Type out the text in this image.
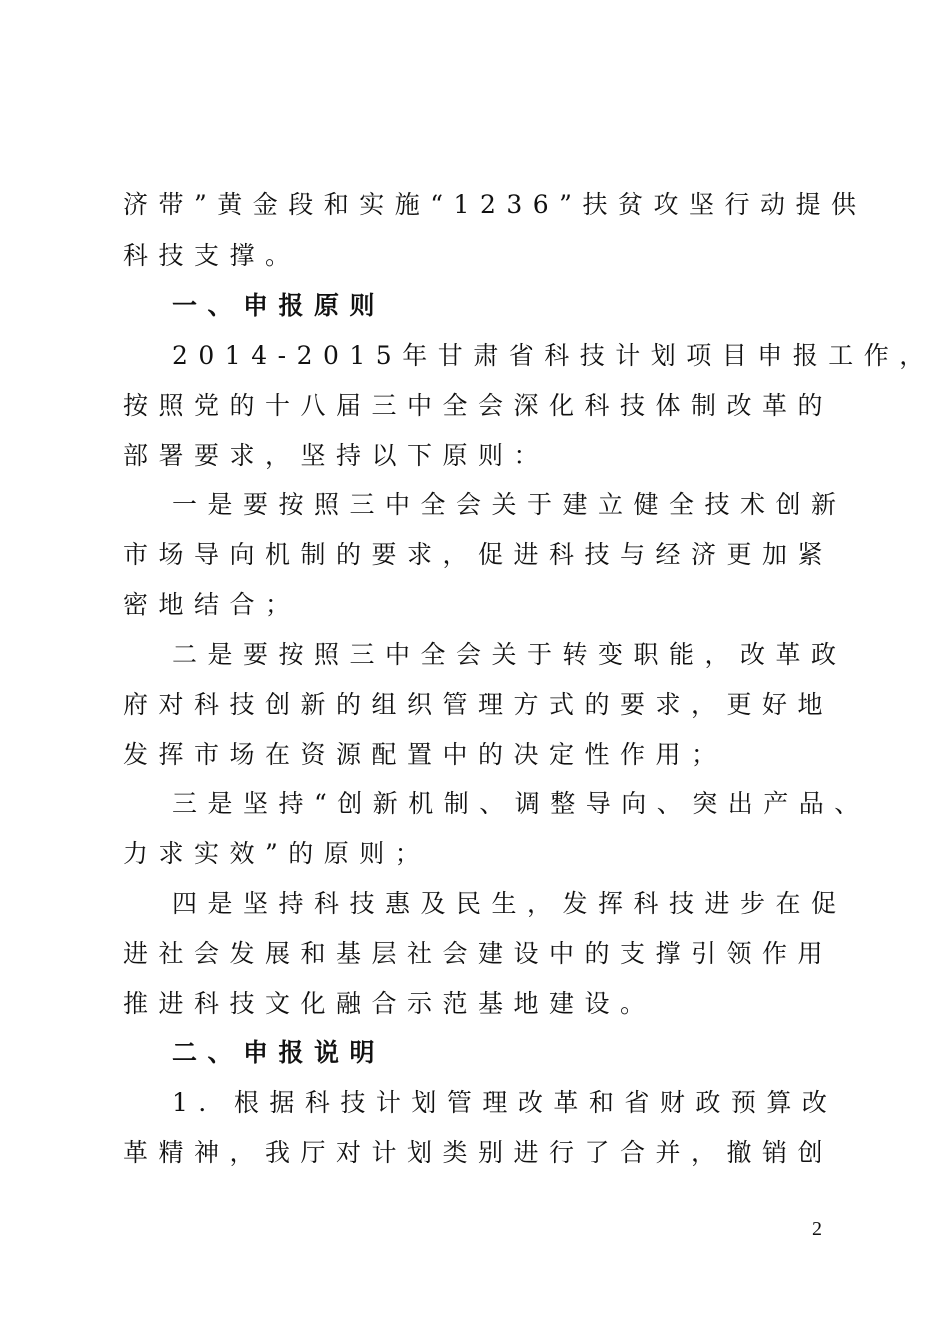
济带”黄金段和实施“1236”扶贫攻坚行动提供
科技支撑。
一、申报原则
2014-2015年甘肃省科技计划项目申报工作，
按照党的十八届三中全会深化科技体制改革的
部署要求，坚持以下原则：
一是要按照三中全会关于建立健全技术创新
市场导向机制的要求，促进科技与经济更加紧
密地结合；
二是要按照三中全会关于转变职能，改革政
府对科技创新的组织管理方式的要求，更好地
发挥市场在资源配置中的决定性作用；
三是坚持“创新机制、调整导向、突出产品、
力求实效”的原则；
四是坚持科技惠及民生，发挥科技进步在促
进社会发展和基层社会建设中的支撑引领作用
推进科技文化融合示范基地建设。
二、申报说明
1．根据科技计划管理改革和省财政预算改
革精神，我厅对计划类别进行了合并，撤销创
2
